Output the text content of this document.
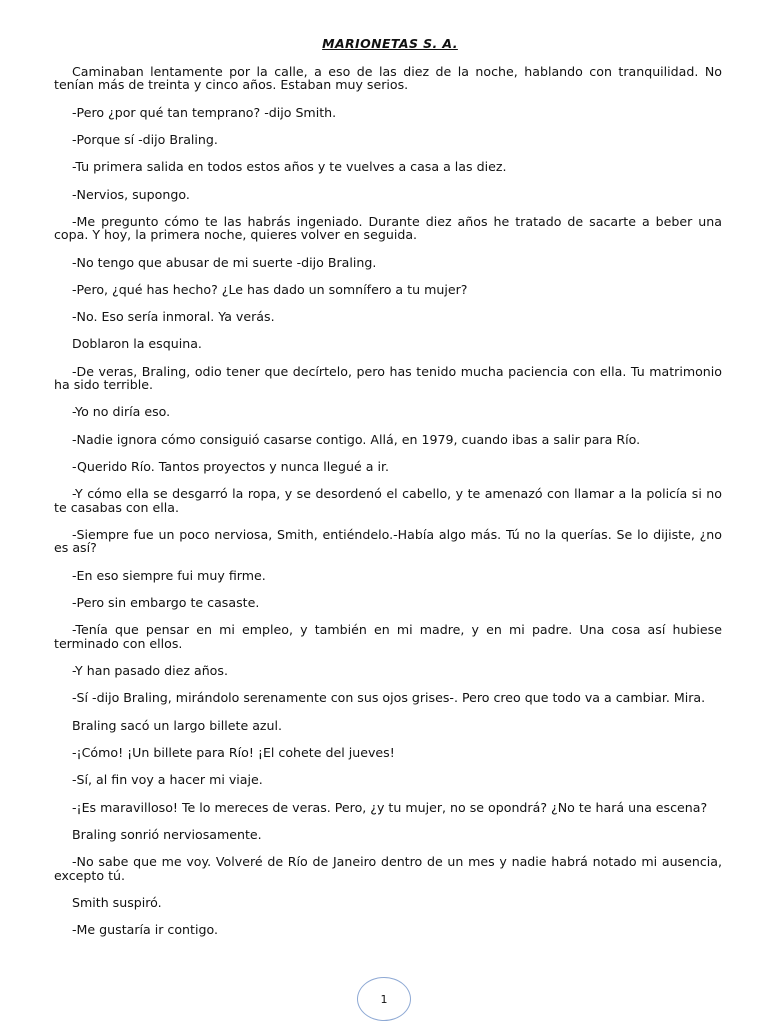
MARIONETAS S. A.

Caminaban lentamente por la calle, a eso de las diez de la noche, hablando con tranquilidad. No tenían más de treinta y cinco años. Estaban muy serios.

-Pero ¿por qué tan temprano? -dijo Smith.

-Porque sí -dijo Braling.

-Tu primera salida en todos estos años y te vuelves a casa a las diez.

-Nervios, supongo.

-Me pregunto cómo te las habrás ingeniado. Durante diez años he tratado de sacarte a beber una copa. Y hoy, la primera noche, quieres volver en seguida.

-No tengo que abusar de mi suerte -dijo Braling.

-Pero, ¿qué has hecho? ¿Le has dado un somnífero a tu mujer?

-No. Eso sería inmoral. Ya verás.

Doblaron la esquina.

-De veras, Braling, odio tener que decírtelo, pero has tenido mucha paciencia con ella. Tu matrimonio ha sido terrible.

-Yo no diría eso.

-Nadie ignora cómo consiguió casarse contigo. Allá, en 1979, cuando ibas a salir para Río.

-Querido Río. Tantos proyectos y nunca llegué a ir.

-Y cómo ella se desgarró la ropa, y se desordenó el cabello, y te amenazó con llamar a la policía si no te casabas con ella.

-Siempre fue un poco nerviosa, Smith, entiéndelo.-Había algo más. Tú no la querías. Se lo dijiste, ¿no es así?

-En eso siempre fui muy firme.

-Pero sin embargo te casaste.

-Tenía que pensar en mi empleo, y también en mi madre, y en mi padre. Una cosa así hubiese terminado con ellos.

-Y han pasado diez años.

-Sí -dijo Braling, mirándolo serenamente con sus ojos grises-. Pero creo que todo va a cambiar. Mira.

Braling sacó un largo billete azul.

-¡Cómo! ¡Un billete para Río! ¡El cohete del jueves!

-Sí, al fin voy a hacer mi viaje.

-¡Es maravilloso! Te lo mereces de veras. Pero, ¿y tu mujer, no se opondrá? ¿No te hará una escena?

Braling sonrió nerviosamente.

-No sabe que me voy. Volveré de Río de Janeiro dentro de un mes y nadie habrá notado mi ausencia, excepto tú.

Smith suspiró.

-Me gustaría ir contigo.

1
